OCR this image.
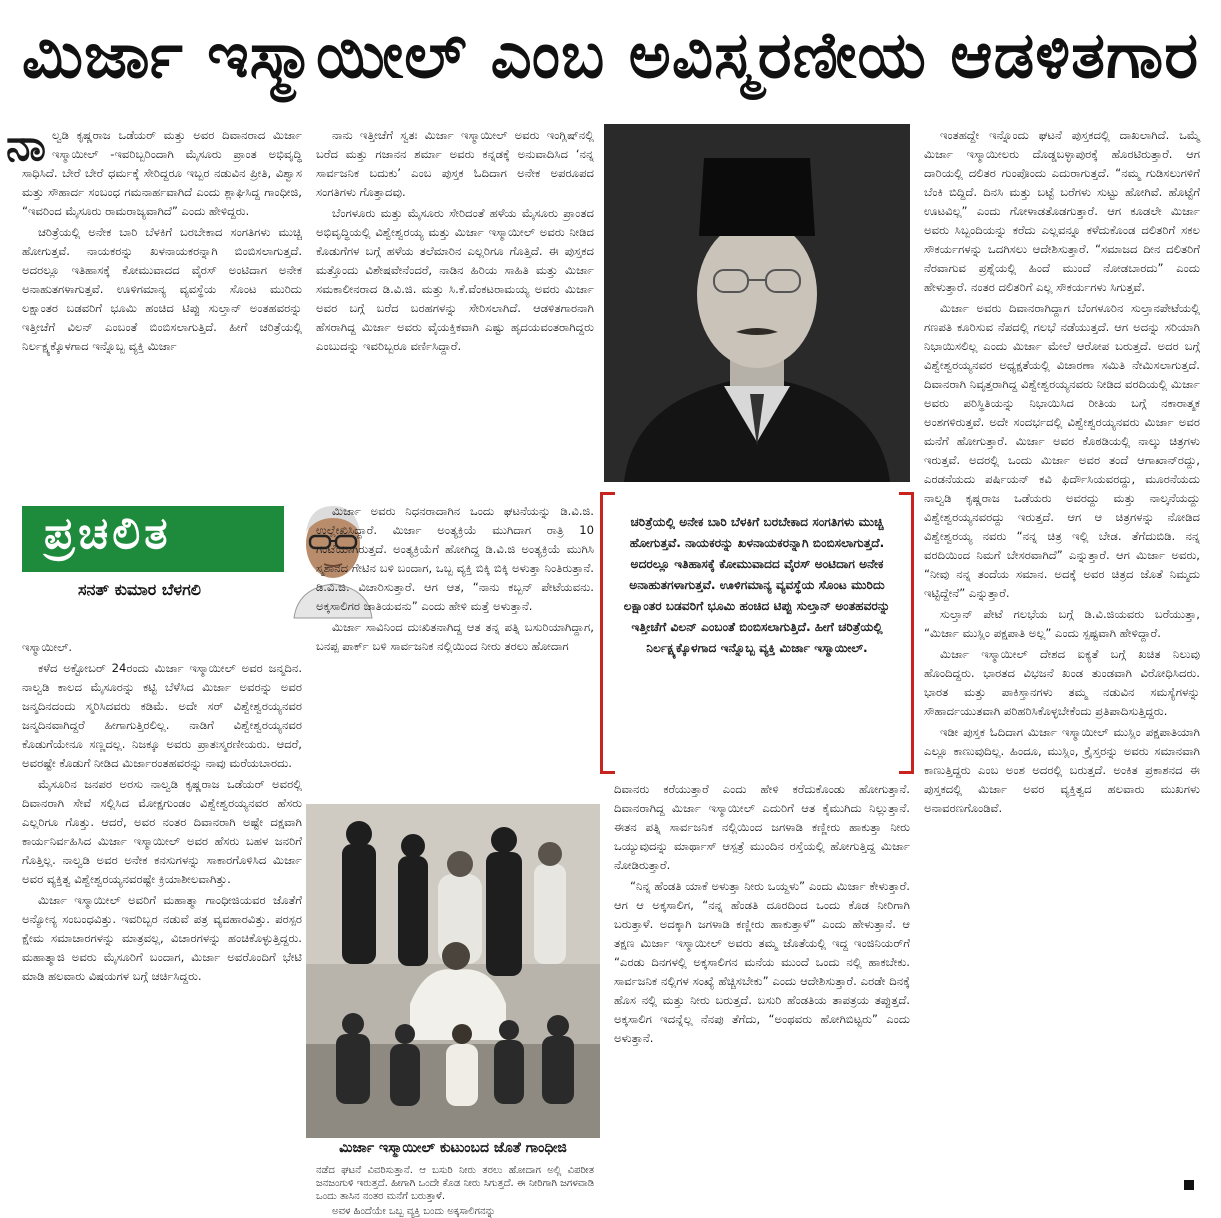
ಮಿರ್ಜಾ ಇಸ್ಮಾಯೀಲ್ ಎಂಬ ಅವಿಸ್ಮರಣೀಯ ಆಡಳಿತಗಾರ

ನಾಲ್ವಡಿ ಕೃಷ್ಣರಾಜ ಒಡೆಯರ್ ಮತ್ತು ಅವರ ದಿವಾನರಾದ ಮಿರ್ಜಾ ಇಸ್ಮಾಯೀಲ್ -ಇವರಿಬ್ಬರಿಂದಾಗಿ ಮೈಸೂರು ಪ್ರಾಂತ ಅಭಿವೃದ್ಧಿ ಸಾಧಿಸಿದೆ. ಬೇರೆ ಬೇರೆ ಧರ್ಮಕ್ಕೆ ಸೇರಿದ್ದರೂ ಇಬ್ಬರ ನಡುವಿನ ಪ್ರೀತಿ, ವಿಶ್ವಾಸ ಮತ್ತು ಸೌಹಾರ್ದ ಸಂಬಂಧ ಗಮನಾರ್ಹವಾಗಿದೆ ಎಂದು ಶ್ಲಾಘಿಸಿದ್ದ ಗಾಂಧೀಜಿ, “ಇವರಿಂದ ಮೈಸೂರು ರಾಮರಾಜ್ಯವಾಗಿದೆ” ಎಂದು ಹೇಳಿದ್ದರು.

ಚರಿತ್ರೆಯಲ್ಲಿ ಅನೇಕ ಬಾರಿ ಬೆಳಕಿಗೆ ಬರಬೇಕಾದ ಸಂಗತಿಗಳು ಮುಚ್ಚಿ ಹೋಗುತ್ತವೆ. ನಾಯಕರನ್ನು ಖಳನಾಯಕರನ್ನಾಗಿ ಬಿಂಬಿಸಲಾಗುತ್ತದೆ. ಅದರಲ್ಲೂ ಇತಿಹಾಸಕ್ಕೆ ಕೋಮುವಾದದ ವೈರಸ್ ಅಂಟಿದಾಗ ಅನೇಕ ಅನಾಹುತಗಳಾಗುತ್ತವೆ. ಊಳಿಗಮಾನ್ಯ ವ್ಯವಸ್ಥೆಯ ಸೊಂಟ ಮುರಿದು ಲಕ್ಷಾಂತರ ಬಡವರಿಗೆ ಭೂಮಿ ಹಂಚಿದ ಟಿಪ್ಪು ಸುಲ್ತಾನ್ ಅಂತಹವರನ್ನು ಇತ್ತೀಚೆಗೆ ವಿಲನ್ ಎಂಬಂತೆ ಬಿಂಬಿಸಲಾಗುತ್ತಿದೆ. ಹೀಗೆ ಚರಿತ್ರೆಯಲ್ಲಿ ನಿರ್ಲಕ್ಷ್ಯಕ್ಕೊಳಗಾದ ಇನ್ನೊಬ್ಬ ವ್ಯಕ್ತಿ ಮಿರ್ಜಾ

ಪ್ರಚಲಿತ
ಸನತ್ ಕುಮಾರ ಬೆಳಗಲಿ

ಇಸ್ಮಾಯೀಲ್.

ಕಳೆದ ಅಕ್ಟೋಬರ್ 24ರಂದು ಮಿರ್ಜಾ ಇಸ್ಮಾಯೀಲ್ ಅವರ ಜನ್ಮದಿನ. ನಾಲ್ವಡಿ ಕಾಲದ ಮೈಸೂರನ್ನು ಕಟ್ಟಿ ಬೆಳೆಸಿದ ಮಿರ್ಜಾ ಅವರನ್ನು ಅವರ ಜನ್ಮದಿನದಂದು ಸ್ಮರಿಸಿದವರು ಕಡಿಮೆ. ಅದೇ ಸರ್ ವಿಶ್ವೇಶ್ವರಯ್ಯನವರ ಜನ್ಮದಿನವಾಗಿದ್ದರೆ ಹೀಗಾಗುತ್ತಿರಲಿಲ್ಲ. ನಾಡಿಗೆ ವಿಶ್ವೇಶ್ವರಯ್ಯನವರ ಕೊಡುಗೆಯೇನೂ ಸಣ್ಣದಲ್ಲ. ನಿಜಕ್ಕೂ ಅವರು ಪ್ರಾತಃಸ್ಮರಣೀಯರು. ಆದರೆ, ಅವರಷ್ಟೇ ಕೊಡುಗೆ ನೀಡಿದ ಮಿರ್ಜಾರಂತಹವರನ್ನು ನಾವು ಮರೆಯಬಾರದು.

ಮೈಸೂರಿನ ಜನಪರ ಅರಸು ನಾಲ್ವಡಿ ಕೃಷ್ಣರಾಜ ಒಡೆಯರ್ ಅವರಲ್ಲಿ ದಿವಾನರಾಗಿ ಸೇವೆ ಸಲ್ಲಿಸಿದ ಮೋಕ್ಷಗುಂಡಂ ವಿಶ್ವೇಶ್ವರಯ್ಯನವರ ಹೆಸರು ಎಲ್ಲರಿಗೂ ಗೊತ್ತು. ಆದರೆ, ಅವರ ನಂತರ ದಿವಾನರಾಗಿ ಅಷ್ಟೇ ದಕ್ಷವಾಗಿ ಕಾರ್ಯನಿರ್ವಹಿಸಿದ ಮಿರ್ಜಾ ಇಸ್ಮಾಯೀಲ್ ಅವರ ಹೆಸರು ಬಹಳ ಜನರಿಗೆ ಗೊತ್ತಿಲ್ಲ. ನಾಲ್ವಡಿ ಅವರ ಅನೇಕ ಕನಸುಗಳನ್ನು ಸಾಕಾರಗೊಳಿಸಿದ ಮಿರ್ಜಾ ಅವರ ವ್ಯಕ್ತಿತ್ವ ವಿಶ್ವೇಶ್ವರಯ್ಯನವರಷ್ಟೇ ಕ್ರಿಯಾಶೀಲವಾಗಿತ್ತು.

ಮಿರ್ಜಾ ಇಸ್ಮಾಯೀಲ್ ಅವರಿಗೆ ಮಹಾತ್ಮಾ ಗಾಂಧೀಜಿಯವರ ಜೊತೆಗೆ ಅನ್ಯೋನ್ಯ ಸಂಬಂಧವಿತ್ತು. ಇವರಿಬ್ಬರ ನಡುವೆ ಪತ್ರ ವ್ಯವಹಾರವಿತ್ತು. ಪರಸ್ಪರ ಕ್ಷೇಮ ಸಮಾಚಾರಗಳನ್ನು ಮಾತ್ರವಲ್ಲ, ವಿಚಾರಗಳನ್ನು ಹಂಚಿಕೊಳ್ಳುತ್ತಿದ್ದರು. ಮಹಾತ್ಮಾಜಿ ಅವರು ಮೈಸೂರಿಗೆ ಬಂದಾಗ, ಮಿರ್ಜಾ ಅವರೊಂದಿಗೆ ಭೇಟಿ ಮಾಡಿ ಹಲವಾರು ವಿಷಯಗಳ ಬಗ್ಗೆ ಚರ್ಚಿಸಿದ್ದರು.

ನಾನು ಇತ್ತೀಚೆಗೆ ಸ್ವತಃ ಮಿರ್ಜಾ ಇಸ್ಮಾಯೀಲ್ ಅವರು ಇಂಗ್ಲಿಷ್‌ನಲ್ಲಿ ಬರೆದ ಮತ್ತು ಗಜಾನನ ಶರ್ಮಾ ಅವರು ಕನ್ನಡಕ್ಕೆ ಅನುವಾದಿಸಿದ ‘ನನ್ನ ಸಾರ್ವಜನಿಕ ಬದುಕು’ ಎಂಬ ಪುಸ್ತಕ ಓದಿದಾಗ ಅನೇಕ ಅಪರೂಪದ ಸಂಗತಿಗಳು ಗೊತ್ತಾದವು.

ಬೆಂಗಳೂರು ಮತ್ತು ಮೈಸೂರು ಸೇರಿದಂತೆ ಹಳೆಯ ಮೈಸೂರು ಪ್ರಾಂತದ ಅಭಿವೃದ್ಧಿಯಲ್ಲಿ ವಿಶ್ವೇಶ್ವರಯ್ಯ ಮತ್ತು ಮಿರ್ಜಾ ಇಸ್ಮಾಯೀಲ್ ಅವರು ನೀಡಿದ ಕೊಡುಗೆಗಳ ಬಗ್ಗೆ ಹಳೆಯ ತಲೆಮಾರಿನ ಎಲ್ಲರಿಗೂ ಗೊತ್ತಿದೆ. ಈ ಪುಸ್ತಕದ ಮತ್ತೊಂದು ವಿಶೇಷವೇನೆಂದರೆ, ನಾಡಿನ ಹಿರಿಯ ಸಾಹಿತಿ ಮತ್ತು ಮಿರ್ಜಾ ಸಮಕಾಲೀನರಾದ ಡಿ.ವಿ.ಜಿ. ಮತ್ತು ಸಿ.ಕೆ.ವೆಂಕಟರಾಮಯ್ಯ ಅವರು ಮಿರ್ಜಾ ಅವರ ಬಗ್ಗೆ ಬರೆದ ಬರಹಗಳನ್ನು ಸೇರಿಸಲಾಗಿದೆ. ಆಡಳಿತಗಾರನಾಗಿ ಹೆಸರಾಗಿದ್ದ ಮಿರ್ಜಾ ಅವರು ವೈಯಕ್ತಿಕವಾಗಿ ಎಷ್ಟು ಹೃದಯವಂತರಾಗಿದ್ದರು ಎಂಬುದನ್ನು ಇವರಿಬ್ಬರೂ ವರ್ಣಿಸಿದ್ದಾರೆ.

ಮಿರ್ಜಾ ಅವರು ನಿಧನರಾದಾಗಿನ ಒಂದು ಘಟನೆಯನ್ನು ಡಿ.ವಿ.ಜಿ. ಉಲ್ಲೇಖಿಸಿದ್ದಾರೆ. ಮಿರ್ಜಾ ಅಂತ್ಯಕ್ರಿಯೆ ಮುಗಿದಾಗ ರಾತ್ರಿ 10 ಗಂಟೆಯಾಗಿರುತ್ತದೆ. ಅಂತ್ಯಕ್ರಿಯೆಗೆ ಹೋಗಿದ್ದ ಡಿ.ವಿ.ಜಿ ಅಂತ್ಯಕ್ರಿಯೆ ಮುಗಿಸಿ ಸ್ಮಶಾನದ ಗೇಟಿನ ಬಳಿ ಬಂದಾಗ, ಒಬ್ಬ ವ್ಯಕ್ತಿ ಬಿಕ್ಕಿ ಬಿಕ್ಕಿ ಅಳುತ್ತಾ ನಿಂತಿರುತ್ತಾನೆ. ಡಿ.ವಿ.ಜಿ. ವಿಚಾರಿಸುತ್ತಾರೆ. ಆಗ ಆತ, “ನಾನು ಕಬ್ಬನ್ ಪೇಟೆಯವನು. ಅಕ್ಕಸಾಲಿಗರ ಜಾತಿಯವನು” ಎಂದು ಹೇಳಿ ಮತ್ತೆ ಅಳುತ್ತಾನೆ.

ಮಿರ್ಜಾ ಸಾವಿನಿಂದ ದುಃಖಿತನಾಗಿದ್ದ ಆತ ತನ್ನ ಪತ್ನಿ ಬಸುರಿಯಾಗಿದ್ದಾಗ, ಬನಪ್ಪ ಪಾರ್ಕ್ ಬಳಿ ಸಾರ್ವಜನಿಕ ನಲ್ಲಿಯಿಂದ ನೀರು ತರಲು ಹೋದಾಗ

ಚರಿತ್ರೆಯಲ್ಲಿ ಅನೇಕ ಬಾರಿ ಬೆಳಕಿಗೆ ಬರಬೇಕಾದ ಸಂಗತಿಗಳು ಮುಚ್ಚಿ ಹೋಗುತ್ತವೆ. ನಾಯಕರನ್ನು ಖಳನಾಯಕರನ್ನಾಗಿ ಬಿಂಬಿಸಲಾಗುತ್ತದೆ. ಅದರಲ್ಲೂ ಇತಿಹಾಸಕ್ಕೆ ಕೋಮುವಾದದ ವೈರಸ್ ಅಂಟಿದಾಗ ಅನೇಕ ಅನಾಹುತಗಳಾಗುತ್ತವೆ. ಊಳಿಗಮಾನ್ಯ ವ್ಯವಸ್ಥೆಯ ಸೊಂಟ ಮುರಿದು ಲಕ್ಷಾಂತರ ಬಡವರಿಗೆ ಭೂಮಿ ಹಂಚಿದ ಟಿಪ್ಪು ಸುಲ್ತಾನ್ ಅಂತಹವರನ್ನು ಇತ್ತೀಚೆಗೆ ವಿಲನ್ ಎಂಬಂತೆ ಬಿಂಬಿಸಲಾಗುತ್ತಿದೆ. ಹೀಗೆ ಚರಿತ್ರೆಯಲ್ಲಿ ನಿರ್ಲಕ್ಷ್ಯಕ್ಕೊಳಗಾದ ಇನ್ನೊಬ್ಬ ವ್ಯಕ್ತಿ ಮಿರ್ಜಾ ಇಸ್ಮಾಯೀಲ್.
ಮಿರ್ಜಾ ಇಸ್ಮಾಯೀಲ್ ಕುಟುಂಬದ ಜೊತೆ ಗಾಂಧೀಜಿ

ದಿವಾನರು ಕರೆಯುತ್ತಾರೆ ಎಂದು ಹೇಳಿ ಕರೆದುಕೊಂಡು ಹೋಗುತ್ತಾನೆ. ದಿವಾನರಾಗಿದ್ದ ಮಿರ್ಜಾ ಇಸ್ಮಾಯೀಲ್ ಎದುರಿಗೆ ಆತ ಕೈಮುಗಿದು ನಿಲ್ಲುತ್ತಾನೆ. ಈತನ ಪತ್ನಿ ಸಾರ್ವಜನಿಕ ನಲ್ಲಿಯಿಂದ ಜಗಳಾಡಿ ಕಣ್ಣೀರು ಹಾಕುತ್ತಾ ನೀರು ಒಯ್ಯುವುದನ್ನು ಮಾರ್ಥಾಸ್ ಆಸ್ಪತ್ರೆ ಮುಂದಿನ ರಸ್ತೆಯಲ್ಲಿ ಹೋಗುತ್ತಿದ್ದ ಮಿರ್ಜಾ ನೋಡಿರುತ್ತಾರೆ.

“ನಿನ್ನ ಹೆಂಡತಿ ಯಾಕೆ ಅಳುತ್ತಾ ನೀರು ಒಯ್ದಳು” ಎಂದು ಮಿರ್ಜಾ ಕೇಳುತ್ತಾರೆ. ಆಗ ಆ ಅಕ್ಕಸಾಲಿಗ, “ನನ್ನ ಹೆಂಡತಿ ದೂರದಿಂದ ಒಂದು ಕೊಡ ನೀರಿಗಾಗಿ ಬರುತ್ತಾಳೆ. ಅದಕ್ಕಾಗಿ ಜಗಳಾಡಿ ಕಣ್ಣೀರು ಹಾಕುತ್ತಾಳೆ” ಎಂದು ಹೇಳುತ್ತಾನೆ. ಆ ತಕ್ಷಣ ಮಿರ್ಜಾ ಇಸ್ಮಾಯೀಲ್ ಅವರು ತಮ್ಮ ಜೊತೆಯಲ್ಲಿ ಇದ್ದ ಇಂಜಿನಿಯರ್‌ಗೆ “ಎರಡು ದಿನಗಳಲ್ಲಿ ಅಕ್ಕಸಾಲಿಗನ ಮನೆಯ ಮುಂದೆ ಒಂದು ನಲ್ಲಿ ಹಾಕಬೇಕು. ಸಾರ್ವಜನಿಕ ನಲ್ಲಿಗಳ ಸಂಖ್ಯೆ ಹೆಚ್ಚಿಸಬೇಕು” ಎಂದು ಆದೇಶಿಸುತ್ತಾರೆ. ಎರಡೇ ದಿನಕ್ಕೆ ಹೊಸ ನಲ್ಲಿ ಮತ್ತು ನೀರು ಬರುತ್ತದೆ. ಬಸುರಿ ಹೆಂಡತಿಯ ತಾಪತ್ರಯ ತಪ್ಪುತ್ತದೆ. ಅಕ್ಕಸಾಲಿಗ ಇದನ್ನೆಲ್ಲ ನೆನಪು ತೆಗೆದು, “ಅಂಥವರು ಹೋಗಿಬಿಟ್ಟರು” ಎಂದು ಅಳುತ್ತಾನೆ.

ನಡೆದ ಘಟನೆ ವಿವರಿಸುತ್ತಾನೆ. ಆ ಬಸುರಿ ನೀರು ತರಲು ಹೋದಾಗ ಅಲ್ಲಿ ವಿಪರೀತ ಜನಜಂಗುಳಿ ಇರುತ್ತದೆ. ಹೀಗಾಗಿ ಒಂದೇ ಕೊಡ ನೀರು ಸಿಗುತ್ತದೆ. ಈ ನೀರಿಗಾಗಿ ಜಗಳವಾಡಿ ಒಂದು ತಾಸಿನ ನಂತರ ಮನೆಗೆ ಬರುತ್ತಾಳೆ.

ಅವಳ ಹಿಂದೆಯೇ ಒಬ್ಬ ವ್ಯಕ್ತಿ ಬಂದು ಅಕ್ಕಸಾಲಿಗನನ್ನು

ಇಂತಹದ್ದೇ ಇನ್ನೊಂದು ಘಟನೆ ಪುಸ್ತಕದಲ್ಲಿ ದಾಖಲಾಗಿದೆ. ಒಮ್ಮೆ ಮಿರ್ಜಾ ಇಸ್ಮಾಯೀಲರು ದೊಡ್ಡಬಳ್ಳಾಪುರಕ್ಕೆ ಹೊರಟಿರುತ್ತಾರೆ. ಆಗ ದಾರಿಯಲ್ಲಿ ದಲಿತರ ಗುಂಪೊಂದು ಎದುರಾಗುತ್ತದೆ. “ನಮ್ಮ ಗುಡಿಸಲುಗಳಿಗೆ ಬೆಂಕಿ ಬಿದ್ದಿದೆ. ದಿನಸಿ ಮತ್ತು ಬಟ್ಟೆ ಬರೆಗಳು ಸುಟ್ಟು ಹೋಗಿವೆ. ಹೊಟ್ಟೆಗೆ ಊಟವಿಲ್ಲ” ಎಂದು ಗೋಳಾಡತೊಡಗುತ್ತಾರೆ. ಆಗ ಕೂಡಲೇ ಮಿರ್ಜಾ ಅವರು ಸಿಬ್ಬಂದಿಯನ್ನು ಕರೆದು ಎಲ್ಲವನ್ನೂ ಕಳೆದುಕೊಂಡ ದಲಿತರಿಗೆ ಸಕಲ ಸೌಕರ್ಯಗಳನ್ನು ಒದಗಿಸಲು ಆದೇಶಿಸುತ್ತಾರೆ. “ಸಮಾಜದ ದೀನ ದಲಿತರಿಗೆ ನೆರವಾಗುವ ಪ್ರಶ್ನೆಯಲ್ಲಿ ಹಿಂದೆ ಮುಂದೆ ನೋಡಬಾರದು” ಎಂದು ಹೇಳುತ್ತಾರೆ. ನಂತರ ದಲಿತರಿಗೆ ಎಲ್ಲ ಸೌಕರ್ಯಗಳು ಸಿಗುತ್ತವೆ.

ಮಿರ್ಜಾ ಅವರು ದಿವಾನರಾಗಿದ್ದಾಗ ಬೆಂಗಳೂರಿನ ಸುಲ್ತಾನಪೇಟೆಯಲ್ಲಿ ಗಣಪತಿ ಕೂರಿಸುವ ನೆಪದಲ್ಲಿ ಗಲಭೆ ನಡೆಯುತ್ತದೆ. ಆಗ ಅದನ್ನು ಸರಿಯಾಗಿ ನಿಭಾಯಿಸಲಿಲ್ಲ ಎಂದು ಮಿರ್ಜಾ ಮೇಲೆ ಆರೋಪ ಬರುತ್ತದೆ. ಅದರ ಬಗ್ಗೆ ವಿಶ್ವೇಶ್ವರಯ್ಯನವರ ಅಧ್ಯಕ್ಷತೆಯಲ್ಲಿ ವಿಚಾರಣಾ ಸಮಿತಿ ನೇಮಿಸಲಾಗುತ್ತದೆ. ದಿವಾನರಾಗಿ ನಿವೃತ್ತರಾಗಿದ್ದ ವಿಶ್ವೇಶ್ವರಯ್ಯನವರು ನೀಡಿದ ವರದಿಯಲ್ಲಿ ಮಿರ್ಜಾ ಅವರು ಪರಿಸ್ಥಿತಿಯನ್ನು ನಿಭಾಯಿಸಿದ ರೀತಿಯ ಬಗ್ಗೆ ನಕಾರಾತ್ಮಕ ಅಂಶಗಳಿರುತ್ತವೆ. ಅದೇ ಸಂದರ್ಭದಲ್ಲಿ ವಿಶ್ವೇಶ್ವರಯ್ಯನವರು ಮಿರ್ಜಾ ಅವರ ಮನೆಗೆ ಹೋಗುತ್ತಾರೆ. ಮಿರ್ಜಾ ಅವರ ಕೊಠಡಿಯಲ್ಲಿ ನಾಲ್ಕು ಚಿತ್ರಗಳು ಇರುತ್ತವೆ. ಅದರಲ್ಲಿ ಒಂದು ಮಿರ್ಜಾ ಅವರ ತಂದೆ ಆಗಾಖಾನ್‌ರದ್ದು, ಎರಡನೆಯದು ಪರ್ಷಿಯನ್ ಕವಿ ಫಿರ್ದೌಸಿಯವರದ್ದು, ಮೂರನೆಯದು ನಾಲ್ವಡಿ ಕೃಷ್ಣರಾಜ ಒಡೆಯರು ಅವರದ್ದು ಮತ್ತು ನಾಲ್ಕನೆಯದ್ದು ವಿಶ್ವೇಶ್ವರಯ್ಯನವರದ್ದು ಇರುತ್ತದೆ. ಆಗ ಆ ಚಿತ್ರಗಳನ್ನು ನೋಡಿದ ವಿಶ್ವೇಶ್ವರಯ್ಯ ನವರು “ನನ್ನ ಚಿತ್ರ ಇಲ್ಲಿ ಬೇಡ. ತೆಗೆದುಬಿಡಿ. ನನ್ನ ವರದಿಯಿಂದ ನಿಮಗೆ ಬೇಸರವಾಗಿದೆ” ಎನ್ನುತ್ತಾರೆ. ಆಗ ಮಿರ್ಜಾ ಅವರು, “ನೀವು ನನ್ನ ತಂದೆಯ ಸಮಾನ. ಅದಕ್ಕೆ ಅವರ ಚಿತ್ರದ ಜೊತೆ ನಿಮ್ಮದು ಇಟ್ಟಿದ್ದೇನೆ” ಎನ್ನುತ್ತಾರೆ.

ಸುಲ್ತಾನ್ ಪೇಟೆ ಗಲಭೆಯ ಬಗ್ಗೆ ಡಿ.ವಿ.ಜಿಯವರು ಬರೆಯುತ್ತಾ, “ಮಿರ್ಜಾ ಮುಸ್ಲಿಂ ಪಕ್ಷಪಾತಿ ಅಲ್ಲ” ಎಂದು ಸ್ಪಷ್ಟವಾಗಿ ಹೇಳಿದ್ದಾರೆ.

ಮಿರ್ಜಾ ಇಸ್ಮಾಯೀಲ್ ದೇಶದ ಐಕ್ಯತೆ ಬಗ್ಗೆ ಖಚಿತ ನಿಲುವು ಹೊಂದಿದ್ದರು. ಭಾರತದ ವಿಭಜನೆ ಖಂಡ ತುಂಡವಾಗಿ ವಿರೋಧಿಸಿದರು. ಭಾರತ ಮತ್ತು ಪಾಕಿಸ್ತಾನಗಳು ತಮ್ಮ ನಡುವಿನ ಸಮಸ್ಯೆಗಳನ್ನು ಸೌಹಾರ್ದಯುತವಾಗಿ ಪರಿಹರಿಸಿಕೊಳ್ಳಬೇಕೆಂದು ಪ್ರತಿಪಾದಿಸುತ್ತಿದ್ದರು.

ಇಡೀ ಪುಸ್ತಕ ಓದಿದಾಗ ಮಿರ್ಜಾ ಇಸ್ಮಾಯೀಲ್ ಮುಸ್ಲಿಂ ಪಕ್ಷಪಾತಿಯಾಗಿ ಎಲ್ಲೂ ಕಾಣುವುದಿಲ್ಲ. ಹಿಂದೂ, ಮುಸ್ಲಿಂ, ಕ್ರೈಸ್ತರನ್ನು ಅವರು ಸಮಾನವಾಗಿ ಕಾಣುತ್ತಿದ್ದರು ಎಂಬ ಅಂಶ ಅದರಲ್ಲಿ ಬರುತ್ತದೆ. ಅಂಕಿತ ಪ್ರಕಾಶನದ ಈ ಪುಸ್ತಕದಲ್ಲಿ ಮಿರ್ಜಾ ಅವರ ವ್ಯಕ್ತಿತ್ವದ ಹಲವಾರು ಮುಖಗಳು ಅನಾವರಣಗೊಂಡಿವೆ.
